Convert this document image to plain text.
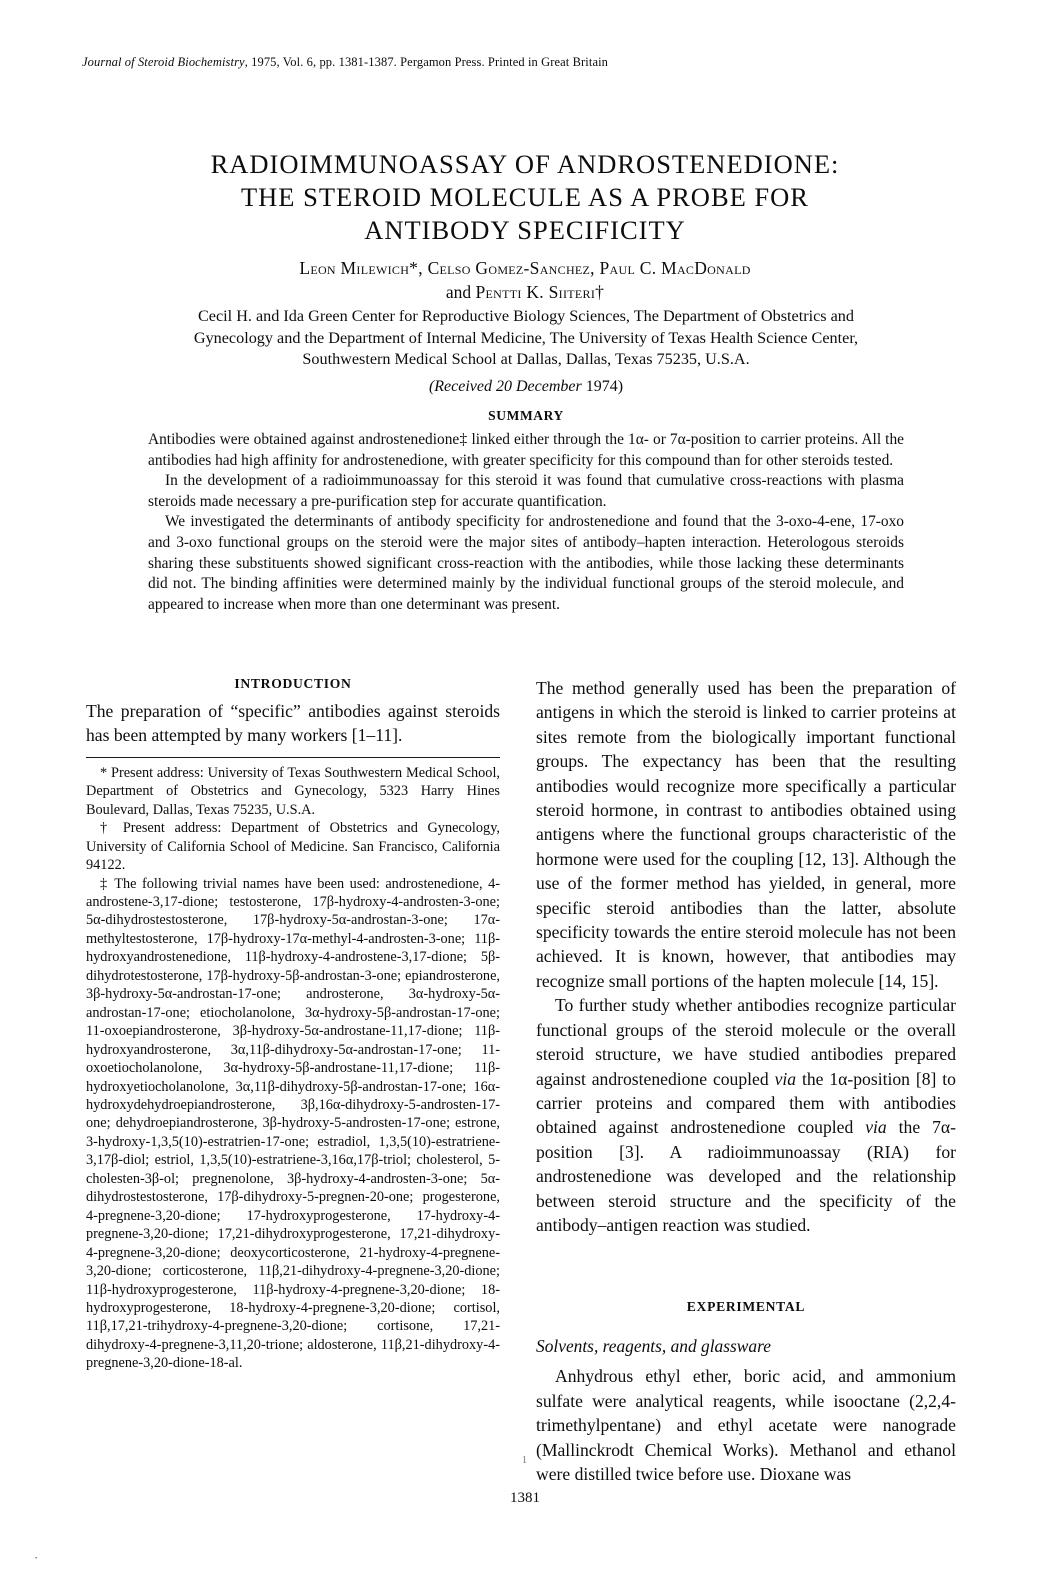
Journal of Steroid Biochemistry, 1975, Vol. 6, pp. 1381-1387. Pergamon Press. Printed in Great Britain
RADIOIMMUNOASSAY OF ANDROSTENEDIONE:
THE STEROID MOLECULE AS A PROBE FOR
ANTIBODY SPECIFICITY
Leon Milewich*, Celso Gomez-Sanchez, Paul C. MacDonald
and Pentti K. Siiteri†
Cecil H. and Ida Green Center for Reproductive Biology Sciences, The Department of Obstetrics and
Gynecology and the Department of Internal Medicine, The University of Texas Health Science Center,
Southwestern Medical School at Dallas, Dallas, Texas 75235, U.S.A.
(Received 20 December 1974)
SUMMARY

Antibodies were obtained against androstenedione‡ linked either through the 1α- or 7α-position to carrier proteins. All the antibodies had high affinity for androstenedione, with greater specificity for this compound than for other steroids tested.

In the development of a radioimmunoassay for this steroid it was found that cumulative cross-reactions with plasma steroids made necessary a pre-purification step for accurate quantification.

We investigated the determinants of antibody specificity for androstenedione and found that the 3-oxo-4-ene, 17-oxo and 3-oxo functional groups on the steroid were the major sites of antibody–hapten interaction. Heterologous steroids sharing these substituents showed significant cross-reaction with the antibodies, while those lacking these determinants did not. The binding affinities were determined mainly by the individual functional groups of the steroid molecule, and appeared to increase when more than one determinant was present.

INTRODUCTION

The preparation of “specific” antibodies against steroids has been attempted by many workers [1–11].

* Present address: University of Texas Southwestern Medical School, Department of Obstetrics and Gynecology, 5323 Harry Hines Boulevard, Dallas, Texas 75235, U.S.A.

† Present address: Department of Obstetrics and Gynecology, University of California School of Medicine. San Francisco, California 94122.

‡ The following trivial names have been used: androstenedione, 4-androstene-3,17-dione; testosterone, 17β-hydroxy-4-androsten-3-one; 5α-dihydrostestosterone, 17β-hydroxy-5α-androstan-3-one; 17α-methyltestosterone, 17β-hydroxy-17α-methyl-4-androsten-3-one; 11β-hydroxyandrostenedione, 11β-hydroxy-4-androstene-3,17-dione; 5β-dihydrotestosterone, 17β-hydroxy-5β-androstan-3-one; epiandrosterone, 3β-hydroxy-5α-androstan-17-one; androsterone, 3α-hydroxy-5α-androstan-17-one; etiocholanolone, 3α-hydroxy-5β-androstan-17-one; 11-oxoepiandrosterone, 3β-hydroxy-5α-androstane-11,17-dione; 11β-hydroxyandrosterone, 3α,11β-dihydroxy-5α-androstan-17-one; 11-oxoetiocholanolone, 3α-hydroxy-5β-androstane-11,17-dione; 11β-hydroxyetiocholanolone, 3α,11β-dihydroxy-5β-androstan-17-one; 16α-hydroxydehydroepiandrosterone, 3β,16α-dihydroxy-5-androsten-17-one; dehydroepiandrosterone, 3β-hydroxy-5-androsten-17-one; estrone, 3-hydroxy-1,3,5(10)-estratrien-17-one; estradiol, 1,3,5(10)-estratriene-3,17β-diol; estriol, 1,3,5(10)-estratriene-3,16α,17β-triol; cholesterol, 5-cholesten-3β-ol; pregnenolone, 3β-hydroxy-4-androsten-3-one; 5α-dihydrostestosterone, 17β-dihydroxy-5-pregnen-20-one; progesterone, 4-pregnene-3,20-dione; 17-hydroxyprogesterone, 17-hydroxy-4-pregnene-3,20-dione; 17,21-dihydroxyprogesterone, 17,21-dihydroxy-4-pregnene-3,20-dione; deoxycorticosterone, 21-hydroxy-4-pregnene-3,20-dione; corticosterone, 11β,21-dihydroxy-4-pregnene-3,20-dione; 11β-hydroxyprogesterone, 11β-hydroxy-4-pregnene-3,20-dione; 18-hydroxyprogesterone, 18-hydroxy-4-pregnene-3,20-dione; cortisol, 11β,17,21-trihydroxy-4-pregnene-3,20-dione; cortisone, 17,21-dihydroxy-4-pregnene-3,11,20-trione; aldosterone, 11β,21-dihydroxy-4-pregnene-3,20-dione-18-al.

The method generally used has been the preparation of antigens in which the steroid is linked to carrier proteins at sites remote from the biologically important functional groups. The expectancy has been that the resulting antibodies would recognize more specifically a particular steroid hormone, in contrast to antibodies obtained using antigens where the functional groups characteristic of the hormone were used for the coupling [12, 13]. Although the use of the former method has yielded, in general, more specific steroid antibodies than the latter, absolute specificity towards the entire steroid molecule has not been achieved. It is known, however, that antibodies may recognize small portions of the hapten molecule [14, 15].

To further study whether antibodies recognize particular functional groups of the steroid molecule or the overall steroid structure, we have studied antibodies prepared against androstenedione coupled via the 1α-position [8] to carrier proteins and compared them with antibodies obtained against androstenedione coupled via the 7α-position [3]. A radioimmunoassay (RIA) for androstenedione was developed and the relationship between steroid structure and the specificity of the antibody–antigen reaction was studied.

EXPERIMENTAL
Solvents, reagents, and glassware

Anhydrous ethyl ether, boric acid, and ammonium sulfate were analytical reagents, while isooctane (2,2,4-trimethylpentane) and ethyl acetate were nanograde (Mallinckrodt Chemical Works). Methanol and ethanol were distilled twice before use. Dioxane was

1381
1
·
